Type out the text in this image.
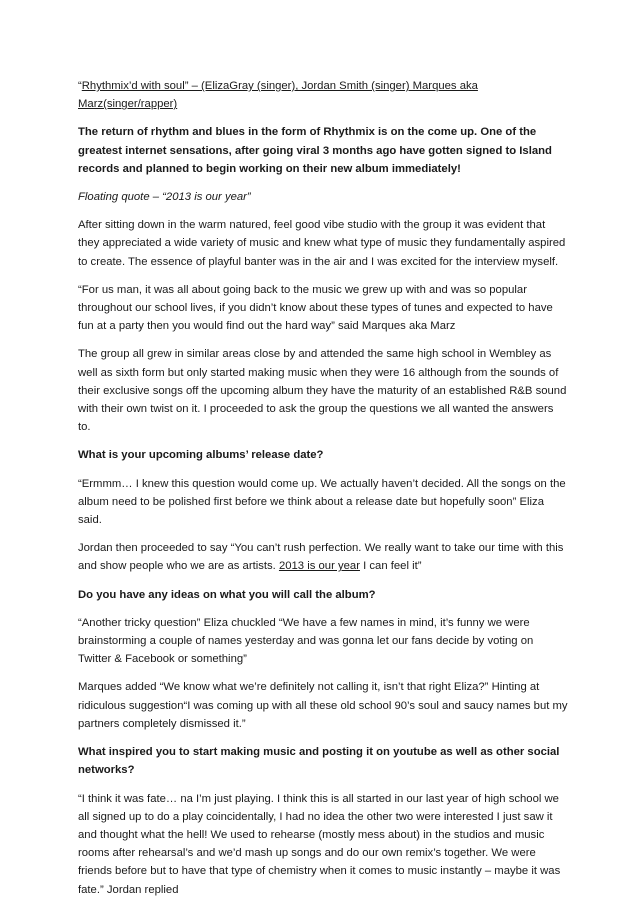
“Rhythmix’d with soul” – (ElizaGray (singer), Jordan Smith (singer) Marques aka Marz(singer/rapper)

The return of rhythm and blues in the form of Rhythmix is on the come up. One of the greatest internet sensations, after going viral 3 months ago have gotten signed to Island records and planned to begin working on their new album immediately!

Floating quote – “2013 is our year”

After sitting down in the warm natured, feel good vibe studio with the group it was evident that they appreciated a wide variety of music and knew what type of music they fundamentally aspired to create. The essence of playful banter was in the air and I was excited for the interview myself.

“For us man, it was all about going back to the music we grew up with and was so popular throughout our school lives, if you didn’t know about these types of tunes and expected to have fun at a party then you would find out the hard way” said Marques aka Marz

The group all grew in similar areas close by and attended the same high school in Wembley as well as sixth form but only started making music when they were 16 although from the sounds of their exclusive songs off the upcoming album they have the maturity of an established R&B sound with their own twist on it. I proceeded to ask the group the questions we all wanted the answers to.

What is your upcoming albums’ release date?

“Ermmm… I knew this question would come up. We actually haven’t decided. All the songs on the album need to be polished first before we think about a release date but hopefully soon” Eliza said.

Jordan then proceeded to say “You can’t rush perfection. We really want to take our time with this and show people who we are as artists. 2013 is our year I can feel it”

Do you have any ideas on what you will call the album?

“Another tricky question” Eliza chuckled “We have a few names in mind, it’s funny we were brainstorming a couple of names yesterday and was gonna let our fans decide by voting on Twitter & Facebook or something”

Marques added “We know what we’re definitely not calling it, isn’t that right Eliza?” Hinting at ridiculous suggestion“I was coming up with all these old school 90’s soul and saucy names but my partners completely dismissed it.”

What inspired you to start making music and posting it on youtube as well as other social networks?

“I think it was fate… na I’m just playing. I think this is all started in our last year of high school we all signed up to do a play coincidentally, I had no idea the other two were interested I just saw it and thought what the hell! We used to rehearse (mostly mess about) in the studios and music rooms after rehearsal’s and we’d mash up songs and do our own remix’s together. We were friends before but to have that type of chemistry when it comes to music instantly – maybe it was fate.” Jordan replied
